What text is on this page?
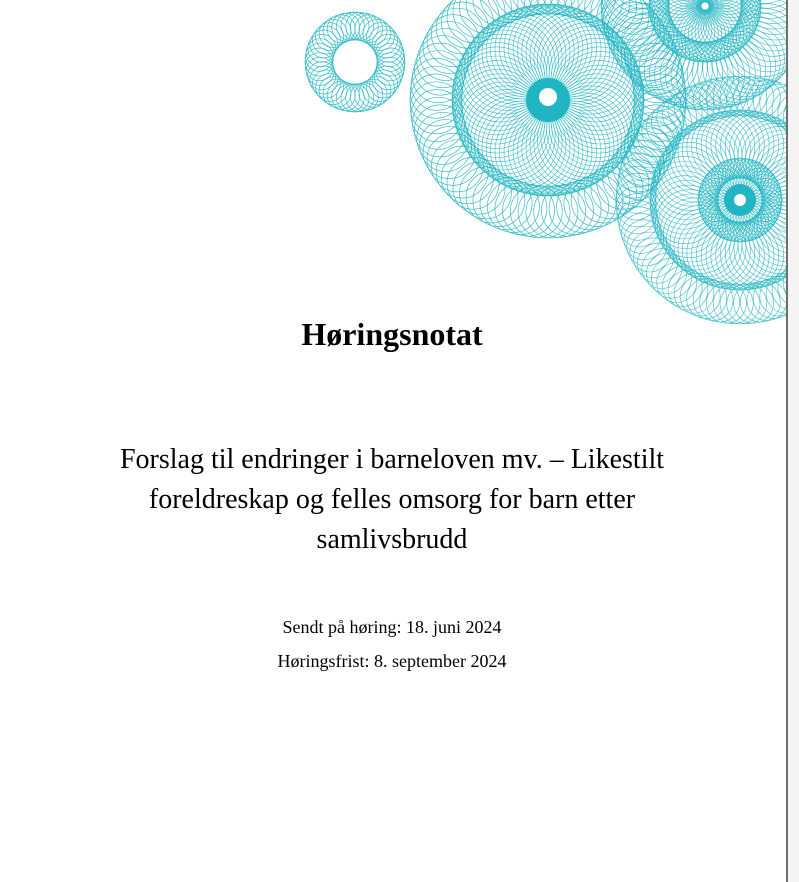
Høringsnotat
Forslag til endringer i barneloven mv. – Likestilt
foreldreskap og felles omsorg for barn etter
samlivsbrudd
Sendt på høring: 18. juni 2024
Høringsfrist: 8. september 2024
